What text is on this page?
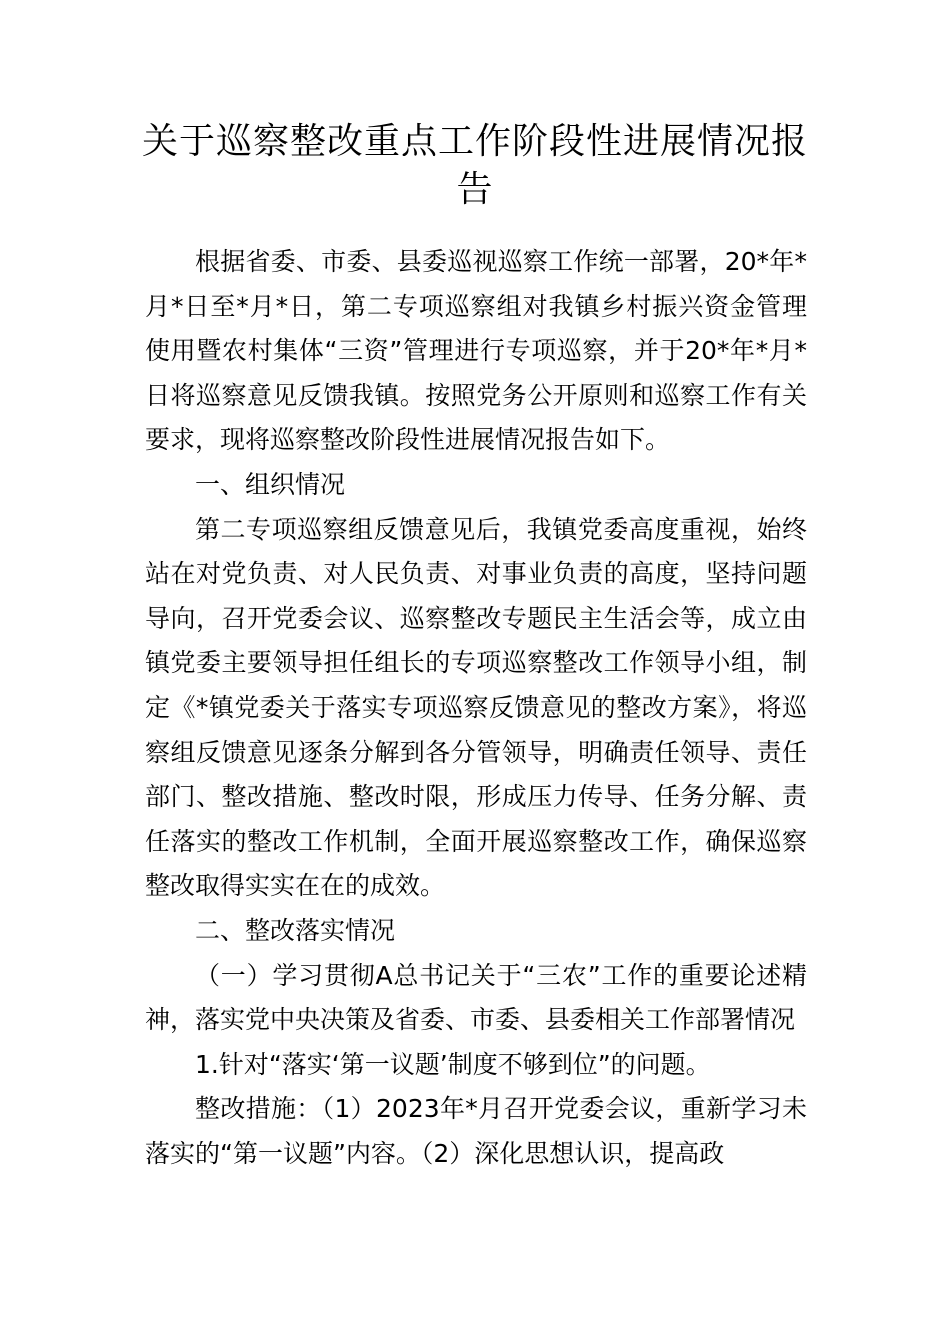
关于巡察整改重点工作阶段性进展情况报告

根据省委、市委、县委巡视巡察工作统一部署，20*年*月*日至*月*日，第二专项巡察组对我镇乡村振兴资金管理使用暨农村集体“三资”管理进行专项巡察，并于20*年*月*日将巡察意见反馈我镇。按照党务公开原则和巡察工作有关要求，现将巡察整改阶段性进展情况报告如下。

一、组织情况

第二专项巡察组反馈意见后，我镇党委高度重视，始终站在对党负责、对人民负责、对事业负责的高度，坚持问题导向，召开党委会议、巡察整改专题民主生活会等，成立由镇党委主要领导担任组长的专项巡察整改工作领导小组，制定《*镇党委关于落实专项巡察反馈意见的整改方案》，将巡察组反馈意见逐条分解到各分管领导，明确责任领导、责任部门、整改措施、整改时限，形成压力传导、任务分解、责任落实的整改工作机制，全面开展巡察整改工作，确保巡察整改取得实实在在的成效。

二、整改落实情况

（一）学习贯彻A总书记关于“三农”工作的重要论述精神，落实党中央决策及省委、市委、县委相关工作部署情况

1.针对“落实‘第一议题’制度不够到位”的问题。

整改措施：（1）2023年*月召开党委会议，重新学习未落实的“第一议题”内容。（2）深化思想认识，提高政
